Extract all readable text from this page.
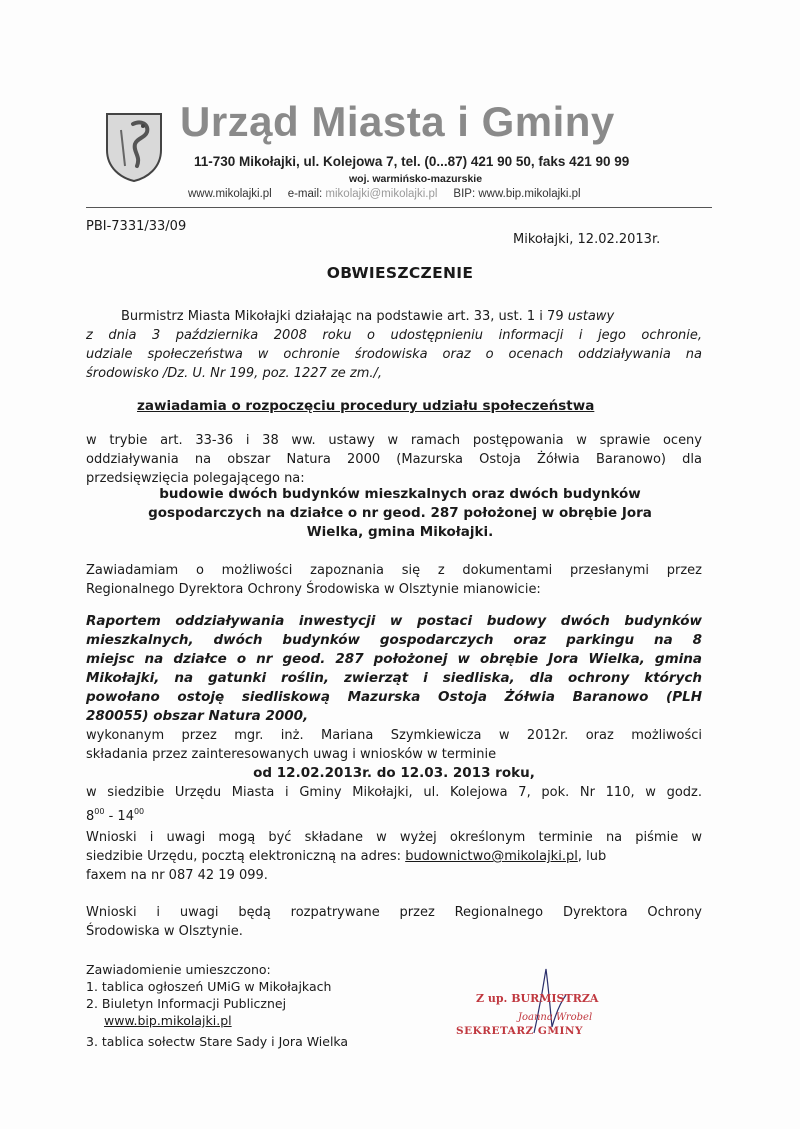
Urząd Miasta i Gminy
11-730 Mikołajki, ul. Kolejowa 7, tel. (0...87) 421 90 50, faks 421 90 99
woj. warmińsko-mazurskie
www.mikolajki.pl e-mail: mikolajki@mikolajki.pl BIP: www.bip.mikolajki.pl
PBI-7331/33/09
Mikołajki, 12.02.2013r.
OBWIESZCZENIE
Burmistrz Miasta Mikołajki działając na podstawie art. 33, ust. 1 i 79 ustawy
z dnia 3 października 2008 roku o udostępnieniu informacji i jego ochronie,
udziale społeczeństwa w ochronie środowiska oraz o ocenach oddziaływania na
środowisko /Dz. U. Nr 199, poz. 1227 ze zm./,
zawiadamia o rozpoczęciu procedury udziału społeczeństwa
w trybie art. 33-36 i 38 ww. ustawy w ramach postępowania w sprawie oceny
oddziaływania na obszar Natura 2000 (Mazurska Ostoja Żółwia Baranowo) dla
przedsięwzięcia polegającego na:
budowie dwóch budynków mieszkalnych oraz dwóch budynków
gospodarczych na działce o nr geod. 287 położonej w obrębie Jora
Wielka, gmina Mikołajki.
Zawiadamiam o możliwości zapoznania się z dokumentami przesłanymi przez
Regionalnego Dyrektora Ochrony Środowiska w Olsztynie mianowicie:
Raportem oddziaływania inwestycji w postaci budowy dwóch budynków
mieszkalnych, dwóch budynków gospodarczych oraz parkingu na 8
miejsc na działce o nr geod. 287 położonej w obrębie Jora Wielka, gmina
Mikołajki, na gatunki roślin, zwierząt i siedliska, dla ochrony których
powołano ostoję siedliskową Mazurska Ostoja Żółwia Baranowo (PLH
280055) obszar Natura 2000,
wykonanym przez mgr. inż. Mariana Szymkiewicza w 2012r. oraz możliwości
składania przez zainteresowanych uwag i wniosków w terminie
od 12.02.2013r. do 12.03. 2013 roku,
w siedzibie Urzędu Miasta i Gminy Mikołajki, ul. Kolejowa 7, pok. Nr 110, w godz.
$8^{00} - 14^{00}$
Wnioski i uwagi mogą być składane w wyżej określonym terminie na piśmie w
siedzibie Urzędu, pocztą elektroniczną na adres: budownictwo@mikolajki.pl, lub
faxem na nr 087 42 19 099.
Wnioski i uwagi będą rozpatrywane przez Regionalnego Dyrektora Ochrony
Środowiska w Olsztynie.
Zawiadomienie umieszczono:
1. tablica ogłoszeń UMiG w Mikołajkach
2. Biuletyn Informacji Publicznej
www.bip.mikolajki.pl
3. tablica sołectw Stare Sady i Jora Wielka
Z up. BURMISTRZA
Joanna Wrobel
SEKRETARZ GMINY
